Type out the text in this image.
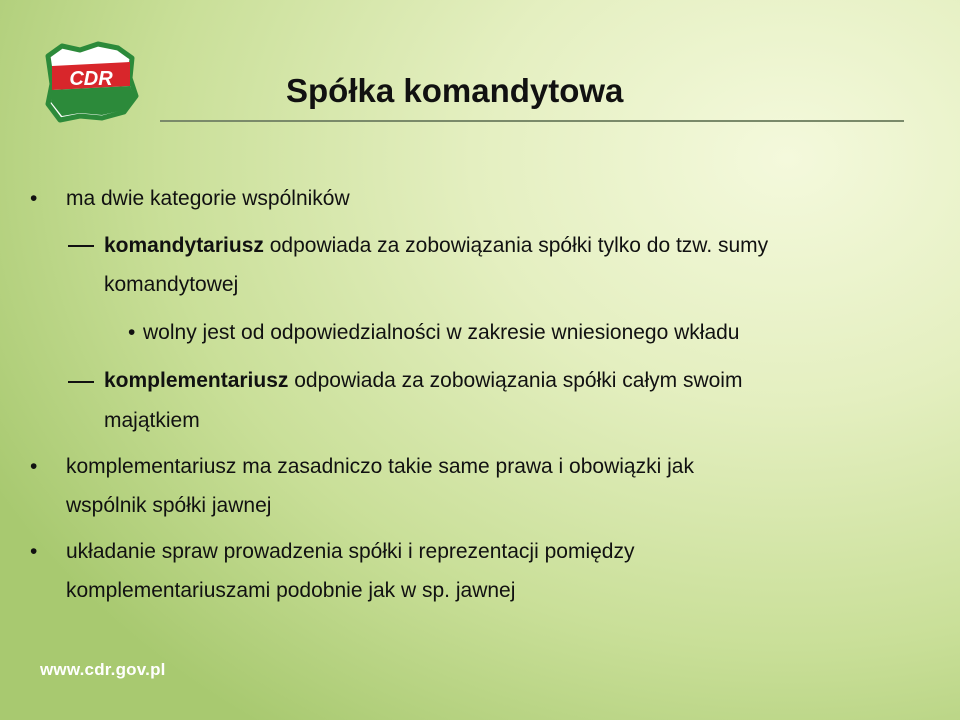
CDR	Spółka komandytowa
• ma dwie kategorie wspólników
komandytariusz odpowiada za zobowiązania spółki tylko do tzw. sumy
komandytowej
• wolny jest od odpowiedzialności w zakresie wniesionego wkładu
komplementariusz odpowiada za zobowiązania spółki całym swoim
majątkiem
• komplementariusz ma zasadniczo takie same prawa i obowiązki jak
wspólnik spółki jawnej
• układanie spraw prowadzenia spółki i reprezentacji pomiędzy
komplementariuszami podobnie jak w sp. jawnej
www.cdr.gov.pl
